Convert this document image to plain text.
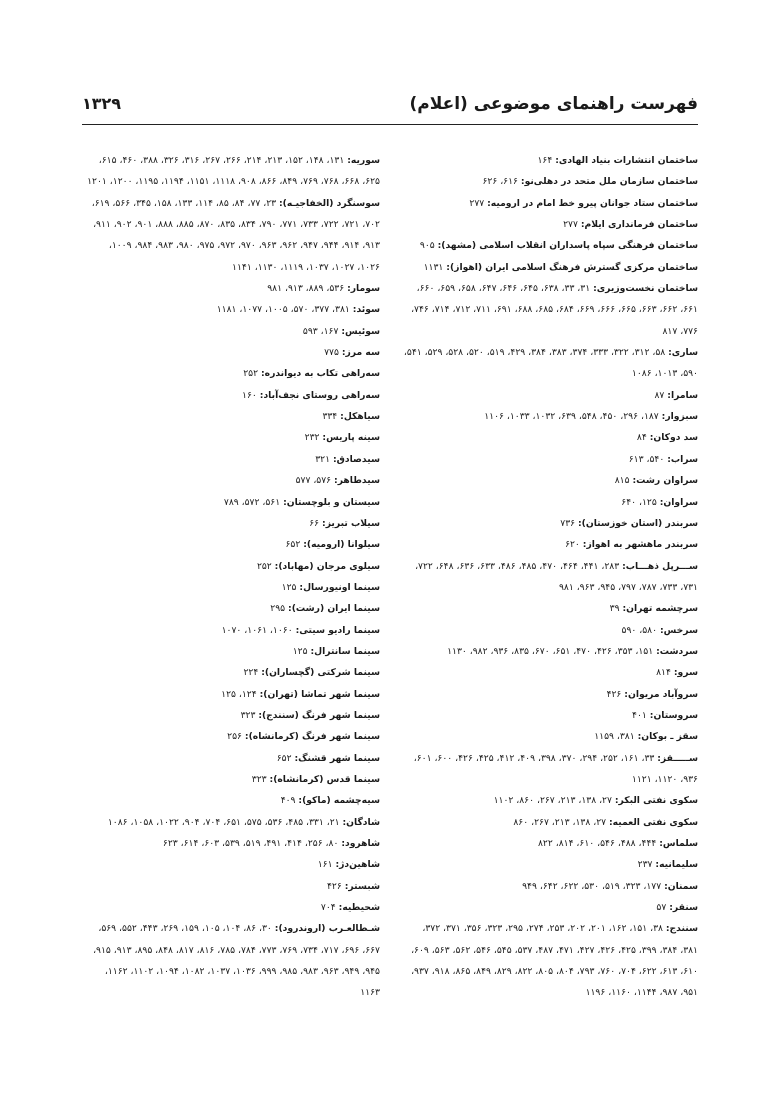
فهرست راهنمای موضوعی (اعلام)
۱۳۲۹

ساختمان انتشارات بنیاد الهادی: ۱۶۴

ساختمان سازمان ملل متحد در دهلی‌نو: ۶۱۶، ۶۲۶

ساختمان ستاد جوانان پیرو خط امام در ارومیه: ۲۷۷

ساختمان فرمانداری ایلام: ۲۷۷

ساختمان فرهنگی سپاه پاسداران انقلاب اسلامی (مشهد): ۹۰۵

ساختمان مرکزی گسترش فرهنگ اسلامی ایران (اهواز): ۱۱۳۱

ساختمان نخست‌وزیری: ۳۱، ۳۳، ۶۳۸، ۶۴۵، ۶۴۶، ۶۴۷، ۶۵۸، ۶۵۹، ۶۶۰، ۶۶۱، ۶۶۲، ۶۶۳، ۶۶۵، ۶۶۶، ۶۶۹، ۶۸۴، ۶۸۵، ۶۸۸، ۶۹۱، ۷۱۱، ۷۱۲، ۷۱۴، ۷۴۶، ۷۷۶، ۸۱۷

ساری: ۵۸، ۳۱۲، ۳۲۲، ۳۳۳، ۳۷۴، ۳۸۳، ۳۸۴، ۴۲۹، ۵۱۹، ۵۲۰، ۵۲۸، ۵۲۹، ۵۴۱، ۵۹۰، ۱۰۱۳، ۱۰۸۶

سامرا: ۸۷

سبزوار: ۱۸۷، ۲۹۶، ۴۵۰، ۵۴۸، ۶۳۹، ۱۰۳۲، ۱۰۳۳، ۱۱۰۶

سد دوکان: ۸۴

سراب: ۵۴۰، ۶۱۳

سراوان رشت: ۸۱۵

سراوان: ۱۲۵، ۶۴۰

سربندر (استان خوزستان): ۷۳۶

سربندر ماهشهر به اهواز: ۶۲۰

ســـرپل ذهـــاب: ۲۸۳، ۴۴۱، ۴۶۴، ۴۷۰، ۴۸۵، ۴۸۶، ۶۳۳، ۶۳۶، ۶۴۸، ۷۲۲، ۷۳۱، ۷۳۳، ۷۸۷، ۷۹۷، ۹۴۵، ۹۶۳، ۹۸۱

سرچشمه تهران: ۳۹

سرخس: ۵۸۰، ۵۹۰

سردشت: ۱۵۱، ۳۵۳، ۴۲۶، ۴۷۰، ۶۵۱، ۶۷۰، ۸۳۵، ۹۳۶، ۹۸۲، ۱۱۳۰

سرو: ۸۱۴

سروآباد مریوان: ۴۲۶

سروستان: ۴۰۱

سقز ـ بوکان: ۳۸۱، ۱۱۵۹

ســـــقز: ۳۳، ۱۶۱، ۲۵۲، ۲۹۴، ۳۷۰، ۳۹۸، ۴۰۹، ۴۱۲، ۴۲۵، ۴۲۶، ۶۰۰، ۶۰۱، ۹۳۶، ۱۱۲۰، ۱۱۲۱

سکوی نفتی البکر: ۲۷، ۱۳۸، ۲۱۳، ۲۶۷، ۸۶۰، ۱۱۰۲

سکوی نفتی العمیه: ۲۷، ۱۳۸، ۲۱۳، ۲۶۷، ۸۶۰

سلماس: ۴۴۴، ۴۸۸، ۵۴۶، ۶۱۰، ۸۱۴، ۸۲۲

سلیمانیه: ۲۳۷

سمنان: ۱۷۷، ۳۲۳، ۵۱۹، ۵۳۰، ۶۲۲، ۶۴۲، ۹۴۹

سنقر: ۵۷

سنندج: ۳۸، ۱۵۱، ۱۶۲، ۲۰۱، ۲۰۲، ۲۵۳، ۲۷۴، ۲۹۵، ۳۲۳، ۳۵۶، ۳۷۱، ۳۷۲، ۳۸۱، ۳۸۴، ۳۹۹، ۴۲۵، ۴۲۶، ۴۲۷، ۴۷۱، ۴۸۷، ۵۳۷، ۵۴۵، ۵۴۶، ۵۶۲، ۵۶۳، ۶۰۹، ۶۱۰، ۶۱۳، ۶۲۲، ۷۰۴، ۷۶۰، ۷۹۳، ۸۰۴، ۸۰۵، ۸۲۲، ۸۲۹، ۸۴۹، ۸۶۵، ۹۱۸، ۹۳۷، ۹۵۱، ۹۸۷، ۱۱۴۴، ۱۱۶۰، ۱۱۹۶

سوریه: ۱۳۱، ۱۴۸، ۱۵۲، ۲۱۳، ۲۱۴، ۲۶۶، ۲۶۷، ۳۱۶، ۳۲۶، ۳۸۸، ۴۶۰، ۶۱۵، ۶۲۵، ۶۶۸، ۷۶۸، ۷۶۹، ۸۴۹، ۸۶۶، ۹۰۸، ۱۱۱۸، ۱۱۵۱، ۱۱۹۴، ۱۱۹۵، ۱۲۰۰، ۱۲۰۱

سوسنگرد (الخفاجیـه): ۲۳، ۷۷، ۸۴، ۸۵، ۱۱۴، ۱۳۳، ۱۵۸، ۳۴۵، ۵۶۶، ۶۱۹، ۷۰۲، ۷۲۱، ۷۲۲، ۷۳۳، ۷۷۱، ۷۹۰، ۸۳۴، ۸۳۵، ۸۷۰، ۸۸۵، ۸۸۸، ۹۰۱، ۹۰۲، ۹۱۱، ۹۱۳، ۹۱۴، ۹۴۴، ۹۴۷، ۹۶۲، ۹۶۳، ۹۷۰، ۹۷۲، ۹۷۵، ۹۸۰، ۹۸۳، ۹۸۴، ۱۰۰۹، ۱۰۲۶، ۱۰۲۷، ۱۰۳۷، ۱۱۱۹، ۱۱۳۰، ۱۱۴۱

سومار: ۵۳۶، ۸۸۹، ۹۱۳، ۹۸۱

سوئد: ۳۸۱، ۳۷۷، ۵۷۰، ۱۰۰۵، ۱۰۷۷، ۱۱۸۱

سوئیس: ۱۶۷، ۵۹۳

سه مرز: ۷۷۵

سه‌راهی تکاب به دیواندره: ۲۵۲

سه‌راهی روستای نجف‌آباد: ۱۶۰

سیاهکل: ۳۳۴

سینه پاریس: ۲۳۲

سیدصادق: ۳۲۱

سیدطاهر: ۵۷۶، ۵۷۷

سیستان و بلوچستان: ۵۶۱، ۵۷۲، ۷۸۹

سیلاب تبریز: ۶۶

سیلوانا (ارومیه): ۶۵۲

سیلوی مرجان (مهاباد): ۲۵۲

سینما اونیورسال: ۱۲۵

سینما ایران (رشت): ۲۹۵

سینما رادیو سیتی: ۱۰۶۰، ۱۰۶۱، ۱۰۷۰

سینما سانترال: ۱۲۵

سینما شرکتی (گچساران): ۲۲۴

سینما شهر تماشا (تهران): ۱۲۴، ۱۲۵

سینما شهر فرنگ (سنندج): ۳۲۳

سینما شهر فرنگ (کرمانشاه): ۲۵۶

سینما شهر قشنگ: ۶۵۲

سینما قدس (کرمانشاه): ۳۲۳

سیه‌چشمه (ماکو): ۴۰۹

شادگان: ۲۱، ۳۳۱، ۴۸۵، ۵۳۶، ۵۷۵، ۶۵۱، ۷۰۴، ۹۰۴، ۱۰۲۲، ۱۰۵۸، ۱۰۸۶

شاهرود: ۸۰، ۲۵۶، ۴۱۴، ۴۹۱، ۵۱۹، ۵۳۹، ۶۰۳، ۶۱۴، ۶۲۳

شاهین‌دژ: ۱۶۱

شبستر: ۴۲۶

شحیطیه: ۷۰۴

شـطالعـرب (اروندرود): ۳۰، ۸۶، ۱۰۴، ۱۰۵، ۱۵۹، ۲۶۹، ۴۴۳، ۵۵۲، ۵۶۹، ۶۶۷، ۶۹۶، ۷۱۷، ۷۳۴، ۷۶۹، ۷۷۳، ۷۸۴، ۷۸۵، ۸۱۶، ۸۱۷، ۸۴۸، ۸۹۵، ۹۱۳، ۹۱۵، ۹۴۵، ۹۴۹، ۹۶۳، ۹۸۳، ۹۸۵، ۹۹۹، ۱۰۳۶، ۱۰۳۷، ۱۰۸۲، ۱۰۹۴، ۱۱۰۲، ۱۱۶۲، ۱۱۶۳
